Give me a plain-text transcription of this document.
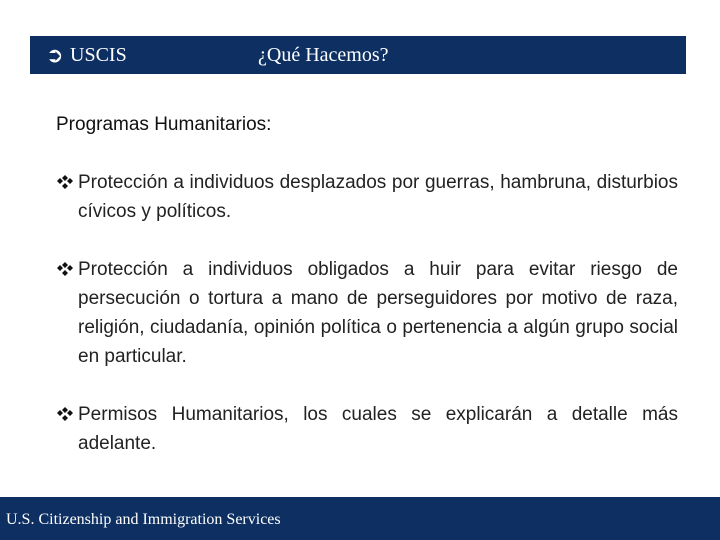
➲ USCIS	¿Qué Hacemos?
Programas Humanitarios:
Protección a individuos desplazados por guerras, hambruna, disturbios cívicos y políticos.
Protección a individuos obligados a huir para evitar riesgo de persecución o tortura a mano de perseguidores por motivo de raza, religión, ciudadanía, opinión política o pertenencia a algún grupo social en particular.
Permisos Humanitarios, los cuales se explicarán a detalle más adelante.
U.S. Citizenship and Immigration Services
